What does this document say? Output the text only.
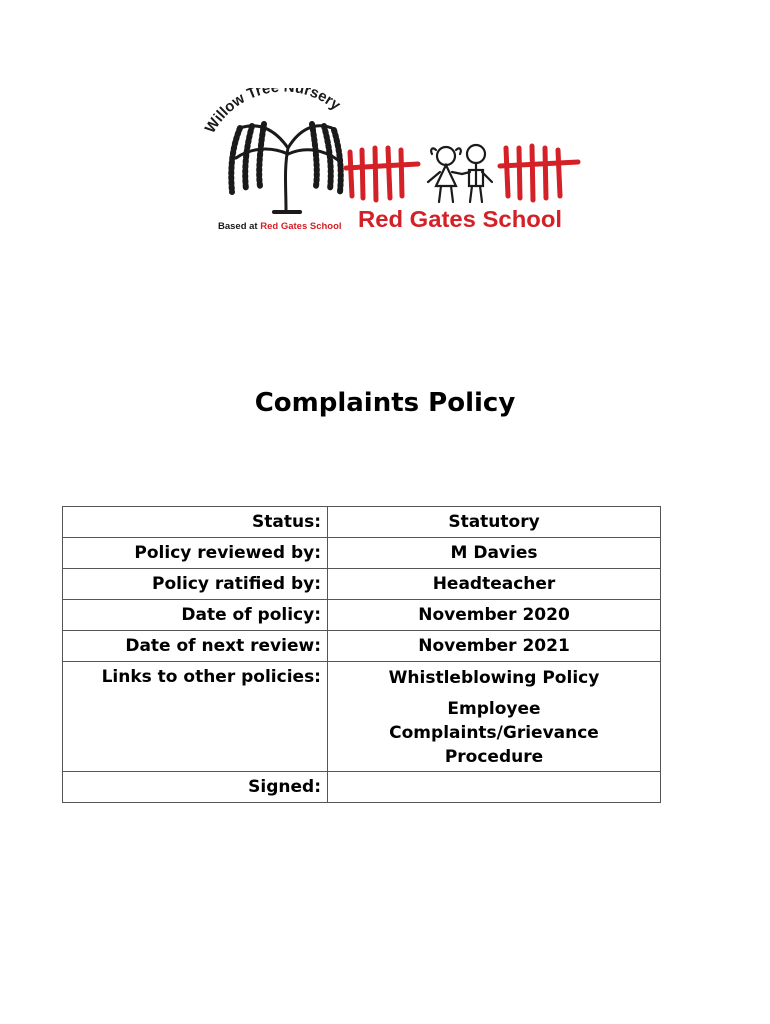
Willow Tre ursery
Based at Red Gates School Red Gates School
Complaints Policy
Status:	Statutory
Policy reviewed by:	M Davies
Policy ratified by:	Headteacher
Date of policy:	November 2020
Date of next review:	November 2021
Links to other policies:	Whistleblowing Policy
Employee
Complaints/Grievance
Procedure

Signed:	
